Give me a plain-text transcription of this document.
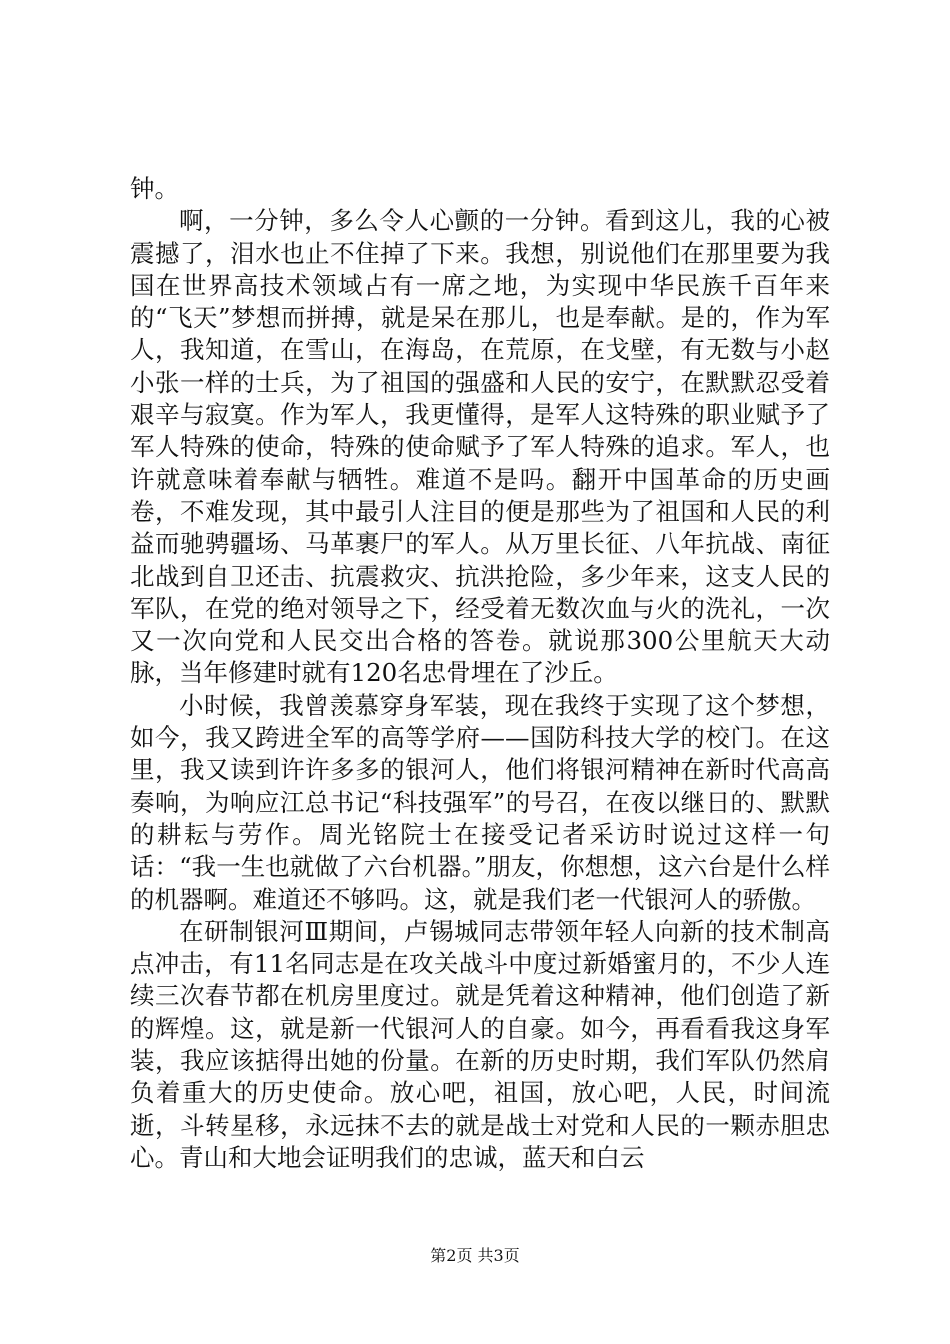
钟。

啊，一分钟，多么令人心颤的一分钟。看到这儿，我的心被震撼了，泪水也止不住掉了下来。我想，别说他们在那里要为我国在世界高技术领域占有一席之地，为实现中华民族千百年来的“飞天”梦想而拼搏，就是呆在那儿，也是奉献。是的，作为军人，我知道，在雪山，在海岛，在荒原，在戈壁，有无数与小赵小张一样的士兵，为了祖国的强盛和人民的安宁，在默默忍受着艰辛与寂寞。作为军人，我更懂得，是军人这特殊的职业赋予了军人特殊的使命，特殊的使命赋予了军人特殊的追求。军人，也许就意味着奉献与牺牲。难道不是吗。翻开中国革命的历史画卷，不难发现，其中最引人注目的便是那些为了祖国和人民的利益而驰骋疆场、马革裹尸的军人。从万里长征、八年抗战、南征北战到自卫还击、抗震救灾、抗洪抢险，多少年来，这支人民的军队，在党的绝对领导之下，经受着无数次血与火的洗礼，一次又一次向党和人民交出合格的答卷。就说那300公里航天大动脉，当年修建时就有120名忠骨埋在了沙丘。

小时候，我曾羡慕穿身军装，现在我终于实现了这个梦想，如今，我又跨进全军的高等学府——国防科技大学的校门。在这里，我又读到许许多多的银河人，他们将银河精神在新时代高高奏响，为响应江总书记“科技强军”的号召，在夜以继日的、默默的耕耘与劳作。周光铭院士在接受记者采访时说过这样一句话：“我一生也就做了六台机器。”朋友，你想想，这六台是什么样的机器啊。难道还不够吗。这，就是我们老一代银河人的骄傲。

在研制银河Ⅲ期间，卢锡城同志带领年轻人向新的技术制高点冲击，有11名同志是在攻关战斗中度过新婚蜜月的，不少人连续三次春节都在机房里度过。就是凭着这种精神，他们创造了新的辉煌。这，就是新一代银河人的自豪。如今，再看看我这身军装，我应该掂得出她的份量。在新的历史时期，我们军队仍然肩负着重大的历史使命。放心吧，祖国，放心吧，人民，时间流逝，斗转星移，永远抹不去的就是战士对党和人民的一颗赤胆忠心。青山和大地会证明我们的忠诚，蓝天和白云

第2页 共3页
